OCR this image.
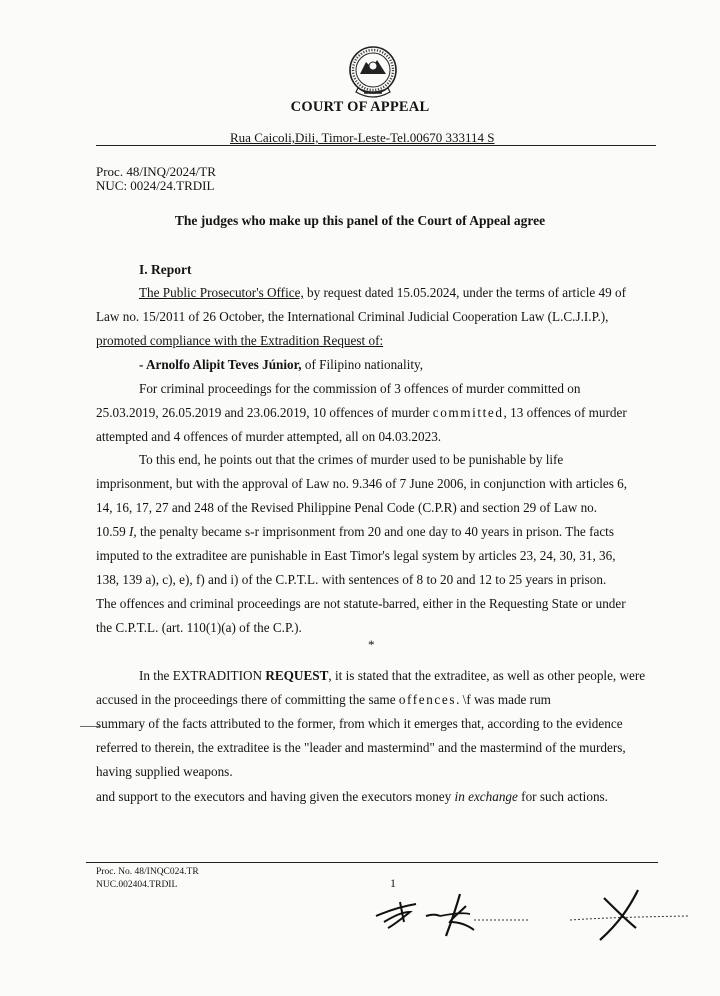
COURT OF APPEAL
Rua Caicoli,Dili, Timor-Leste-Tel.00670 333114 S
Proc. 48/INQ/2024/TR
NUC: 0024/24.TRDIL
The judges who make up this panel of the Court of Appeal agree
I. Report
The Public Prosecutor's Office, by request dated 15.05.2024, under the terms of article 49 of
Law no. 15/2011 of 26 October, the International Criminal Judicial Cooperation Law (L.C.J.I.P.),
promoted compliance with the Extradition Request of:
- Arnolfo Alipit Teves Júnior, of Filipino nationality,
For criminal proceedings for the commission of 3 offences of murder committed on
25.03.2019, 26.05.2019 and 23.06.2019, 10 offences of murder committed, 13 offences of murder
attempted and 4 offences of murder attempted, all on 04.03.2023.
To this end, he points out that the crimes of murder used to be punishable by life
imprisonment, but with the approval of Law no. 9.346 of 7 June 2006, in conjunction with articles 6,
14, 16, 17, 27 and 248 of the Revised Philippine Penal Code (C.P.R) and section 29 of Law no.
10.59 I, the penalty became s-r imprisonment from 20 and one day to 40 years in prison. The facts
imputed to the extraditee are punishable in East Timor's legal system by articles 23, 24, 30, 31, 36,
138, 139 a), c), e), f) and i) of the C.P.T.L. with sentences of 8 to 20 and 12 to 25 years in prison.
The offences and criminal proceedings are not statute-barred, either in the Requesting State or under
the C.P.T.L. (art. 110(1)(a) of the C.P.).
*
In the EXTRADITION REQUEST, it is stated that the extraditee, as well as other people, were
accused in the proceedings there of committing the same offences. \f was made rum
___
summary of the facts attributed to the former, from which it emerges that, according to the evidence
referred to therein, the extraditee is the "leader and mastermind" and the mastermind of the murders,
having supplied weapons.
and support to the executors and having given the executors money in exchange for such actions.
Proc. No. 48/INQC024.TR
NUC.002404.TRDIL	1
